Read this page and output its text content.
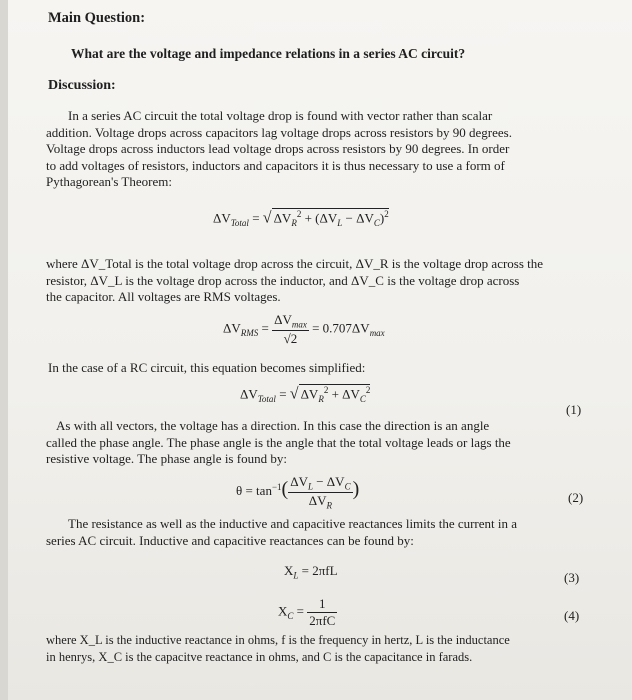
Main Question:
What are the voltage and impedance relations in a series AC circuit?
Discussion:
In a series AC circuit the total voltage drop is found with vector rather than scalar
addition. Voltage drops across capacitors lag voltage drops across resistors by 90 degrees.
Voltage drops across inductors lead voltage drops across resistors by 90 degrees. In order
to add voltages of resistors, inductors and capacitors it is thus necessary to use a form of
Pythagorean's Theorem:
$\Delta V_{Total}$ = √ $\Delta V_R^2 + (\Delta V_L - \Delta V_C)^2$
where ΔV_Total is the total voltage drop across the circuit, ΔV_R is the voltage drop across the
resistor, ΔV_L is the voltage drop across the inductor, and ΔV_C is the voltage drop across
the capacitor. All voltages are RMS voltages.
$\Delta V_{RMS} = \frac{\Delta V_{max}}{√2} = 0.707\Delta V_{max}$
In the case of a RC circuit, this equation becomes simplified:
$\Delta V_{Total}$ = √ $\Delta V_R^2 + \Delta V_C^2$
(1)
As with all vectors, the voltage has a direction. In this case the direction is an angle
called the phase angle. The phase angle is the angle that the total voltage leads or lags the
resistive voltage. The phase angle is found by:
$\theta = \tan^{-1}( \frac{\Delta V_L - \Delta V_C}{\Delta V_R}$ )	(2)
The resistance as well as the inductive and capacitive reactances limits the current in a
series AC circuit. Inductive and capacitive reactances can be found by:
$X_L = 2\pi fL$	(3)
$X_C = \frac{1}{\text{2πfC}}$	(4)
where X_L is the inductive reactance in ohms, f is the frequency in hertz, L is the inductance
in henrys, X_C is the capacitve reactance in ohms, and C is the capacitance in farads.
